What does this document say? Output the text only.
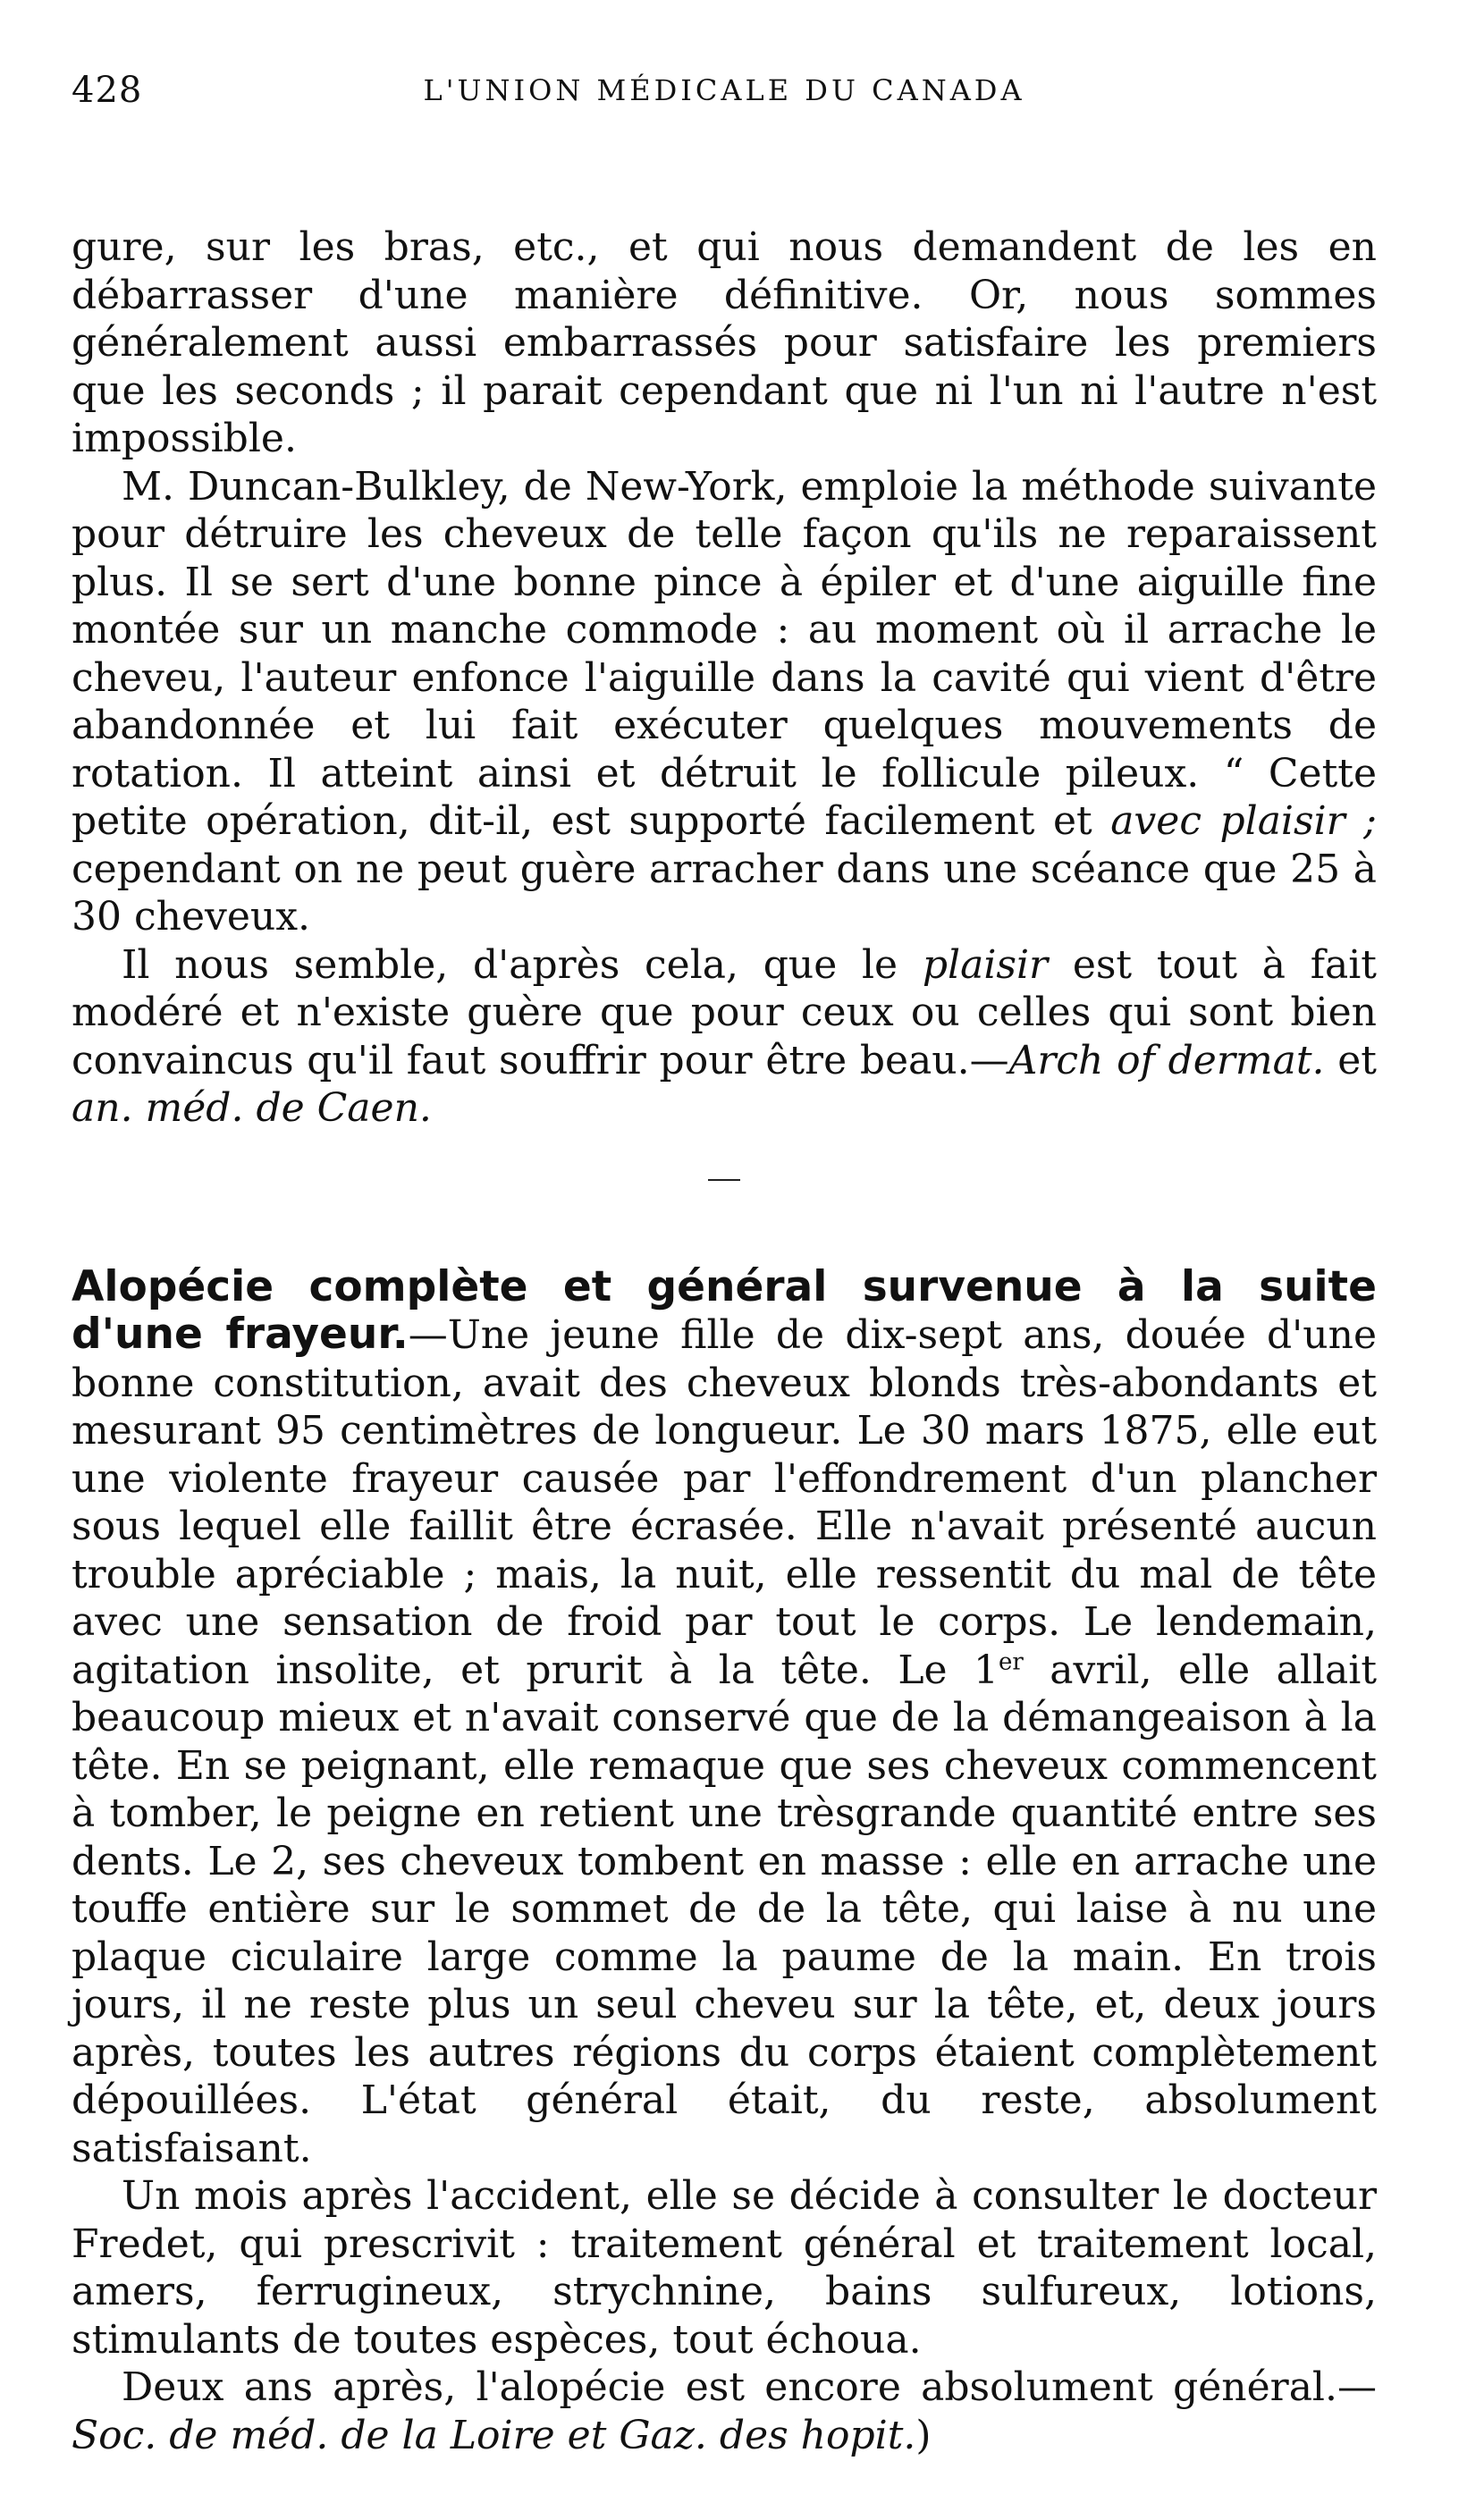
428	L'UNION MÉDICALE DU CANADA

gure, sur les bras, etc., et qui nous demandent de les en débarrasser d'une manière définitive. Or, nous sommes généralement aussi embarrassés pour satisfaire les premiers que les seconds ; il parait cependant que ni l'un ni l'autre n'est impossible.

M. Duncan-Bulkley, de New-York, emploie la méthode suivante pour détruire les cheveux de telle façon qu'ils ne reparaissent plus. Il se sert d'une bonne pince à épiler et d'une aiguille fine montée sur un manche commode : au moment où il arrache le cheveu, l'auteur enfonce l'aiguille dans la cavité qui vient d'être abandonnée et lui fait exécuter quelques mouvements de rotation. Il atteint ainsi et détruit le follicule pileux. “ Cette petite opération, dit-il, est supporté facilement et avec plaisir ; cependant on ne peut guère arracher dans une scéance que 25 à 30 cheveux.

Il nous semble, d'après cela, que le plaisir est tout à fait modéré et n'existe guère que pour ceux ou celles qui sont bien convaincus qu'il faut souffrir pour être beau.—Arch of dermat. et an. méd. de Caen.

Alopécie complète et général survenue à la suite

d'une frayeur.—Une jeune fille de dix-sept ans, douée d'une bonne constitution, avait des cheveux blonds très-abondants et mesurant 95 centimètres de longueur. Le 30 mars 1875, elle eut une violente frayeur causée par l'effondrement d'un plancher sous lequel elle faillit être écrasée. Elle n'avait présenté aucun trouble apréciable ; mais, la nuit, elle ressentit du mal de tête avec une sensation de froid par tout le corps. Le lendemain, agitation insolite, et prurit à la tête. Le 1er avril, elle allait beaucoup mieux et n'avait conservé que de la démangeaison à la tête. En se peignant, elle remaque que ses cheveux commencent à tomber, le peigne en retient une trèsgrande quantité entre ses dents. Le 2, ses cheveux tombent en masse : elle en arrache une touffe entière sur le sommet de de la tête, qui laise à nu une plaque ciculaire large comme la paume de la main. En trois jours, il ne reste plus un seul cheveu sur la tête, et, deux jours après, toutes les autres régions du corps étaient complètement dépouillées. L'état général était, du reste, absolument satisfaisant.

Un mois après l'accident, elle se décide à consulter le docteur Fredet, qui prescrivit : traitement général et traitement local, amers, ferrugineux, strychnine, bains sulfureux, lotions, stimulants de toutes espèces, tout échoua.

Deux ans après, l'alopécie est encore absolument général.— Soc. de méd. de la Loire et Gaz. des hopit.)
